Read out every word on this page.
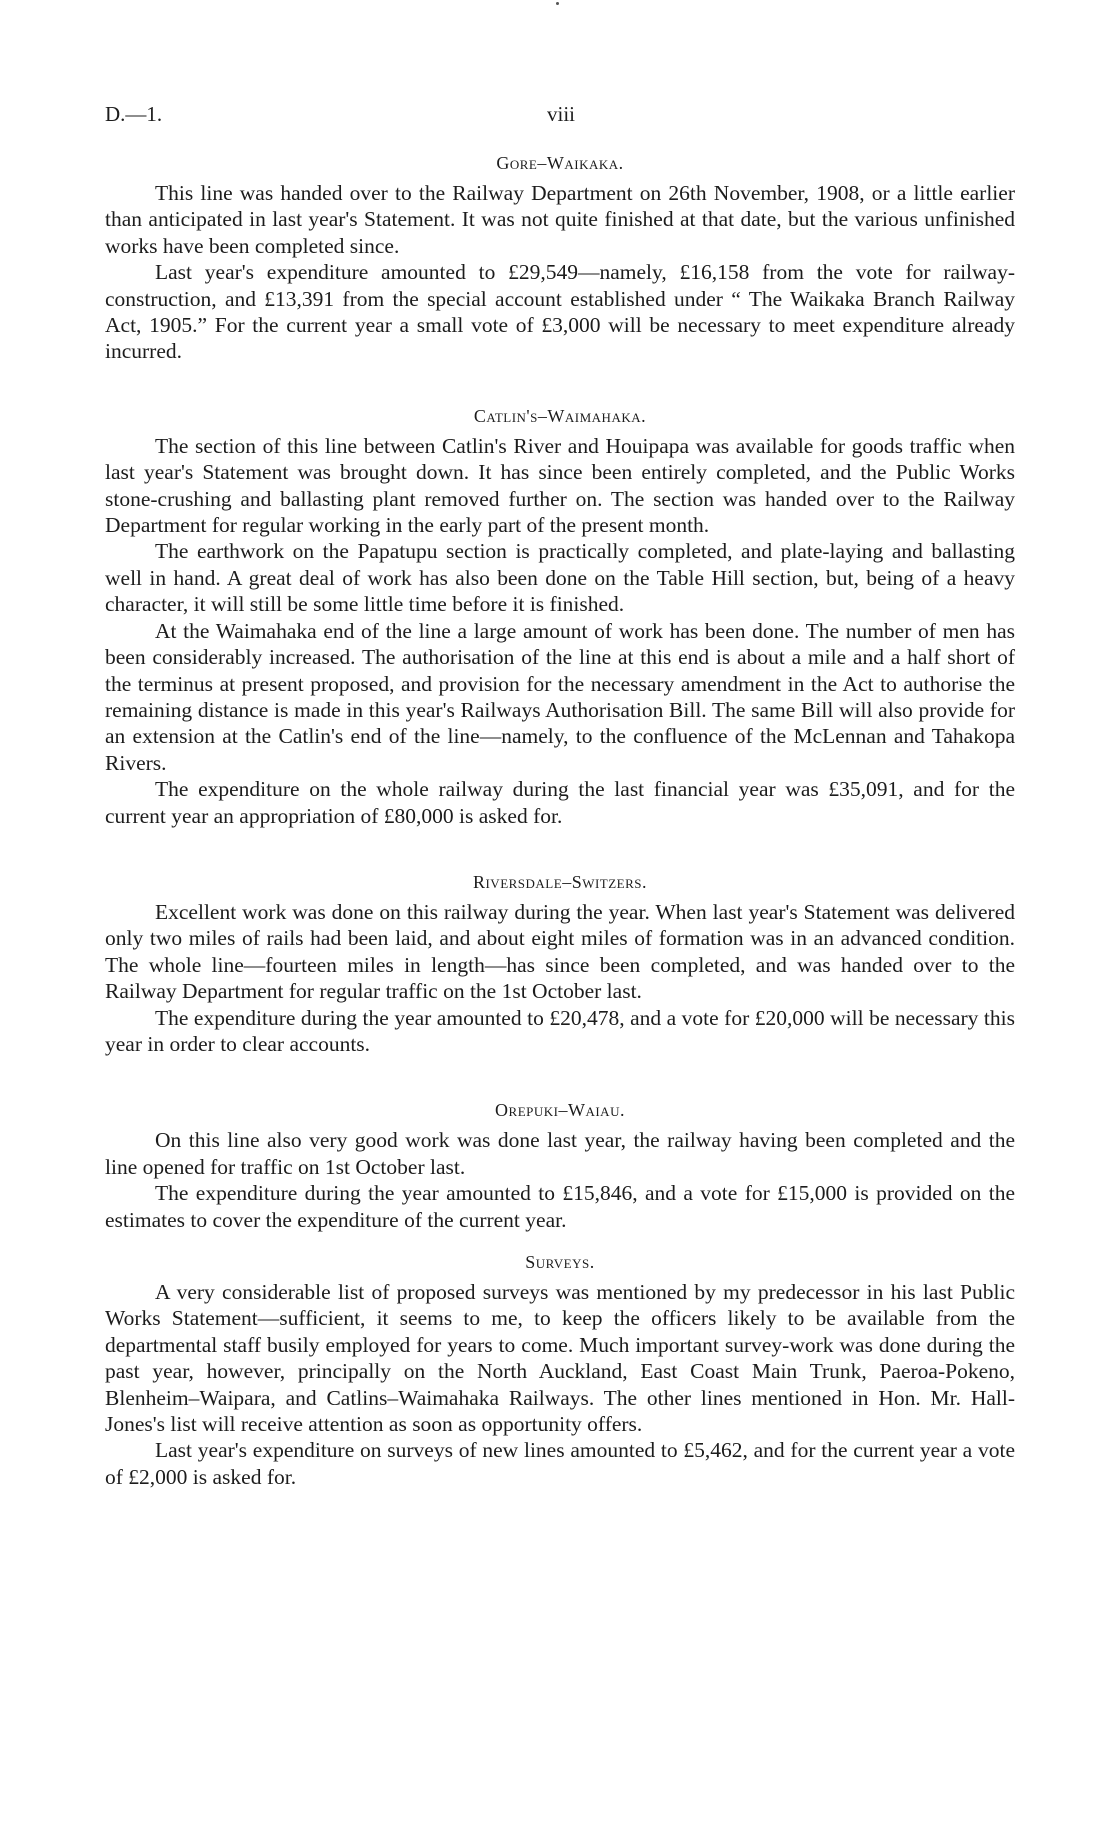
D.—1.	viii
Gore–Waikaka.

This line was handed over to the Railway Department on 26th November, 1908, or a little earlier than anticipated in last year's Statement. It was not quite finished at that date, but the various unfinished works have been completed since.

Last year's expenditure amounted to £29,549—namely, £16,158 from the vote for railway-construction, and £13,391 from the special account established under “ The Waikaka Branch Railway Act, 1905.” For the current year a small vote of £3,000 will be necessary to meet expenditure already incurred.

Catlin's–Waimahaka.

The section of this line between Catlin's River and Houipapa was available for goods traffic when last year's Statement was brought down. It has since been entirely completed, and the Public Works stone-crushing and ballasting plant removed further on. The section was handed over to the Railway Department for regular working in the early part of the present month.

The earthwork on the Papatupu section is practically completed, and plate-laying and ballasting well in hand. A great deal of work has also been done on the Table Hill section, but, being of a heavy character, it will still be some little time before it is finished.

At the Waimahaka end of the line a large amount of work has been done. The number of men has been considerably increased. The authorisation of the line at this end is about a mile and a half short of the terminus at present proposed, and provision for the necessary amendment in the Act to authorise the remaining distance is made in this year's Railways Authorisation Bill. The same Bill will also provide for an extension at the Catlin's end of the line—namely, to the confluence of the McLennan and Tahakopa Rivers.

The expenditure on the whole railway during the last financial year was £35,091, and for the current year an appropriation of £80,000 is asked for.

Riversdale–Switzers.

Excellent work was done on this railway during the year. When last year's Statement was delivered only two miles of rails had been laid, and about eight miles of formation was in an advanced condition. The whole line—fourteen miles in length—has since been completed, and was handed over to the Railway Department for regular traffic on the 1st October last.

The expenditure during the year amounted to £20,478, and a vote for £20,000 will be necessary this year in order to clear accounts.

Orepuki–Waiau.

On this line also very good work was done last year, the railway having been completed and the line opened for traffic on 1st October last.

The expenditure during the year amounted to £15,846, and a vote for £15,000 is provided on the estimates to cover the expenditure of the current year.

Surveys.

A very considerable list of proposed surveys was mentioned by my predecessor in his last Public Works Statement—sufficient, it seems to me, to keep the officers likely to be available from the departmental staff busily employed for years to come. Much important survey-work was done during the past year, however, principally on the North Auckland, East Coast Main Trunk, Paeroa-Pokeno, Blenheim–Waipara, and Catlins–Waimahaka Railways. The other lines mentioned in Hon. Mr. Hall-Jones's list will receive attention as soon as opportunity offers.

Last year's expenditure on surveys of new lines amounted to £5,462, and for the current year a vote of £2,000 is asked for.
